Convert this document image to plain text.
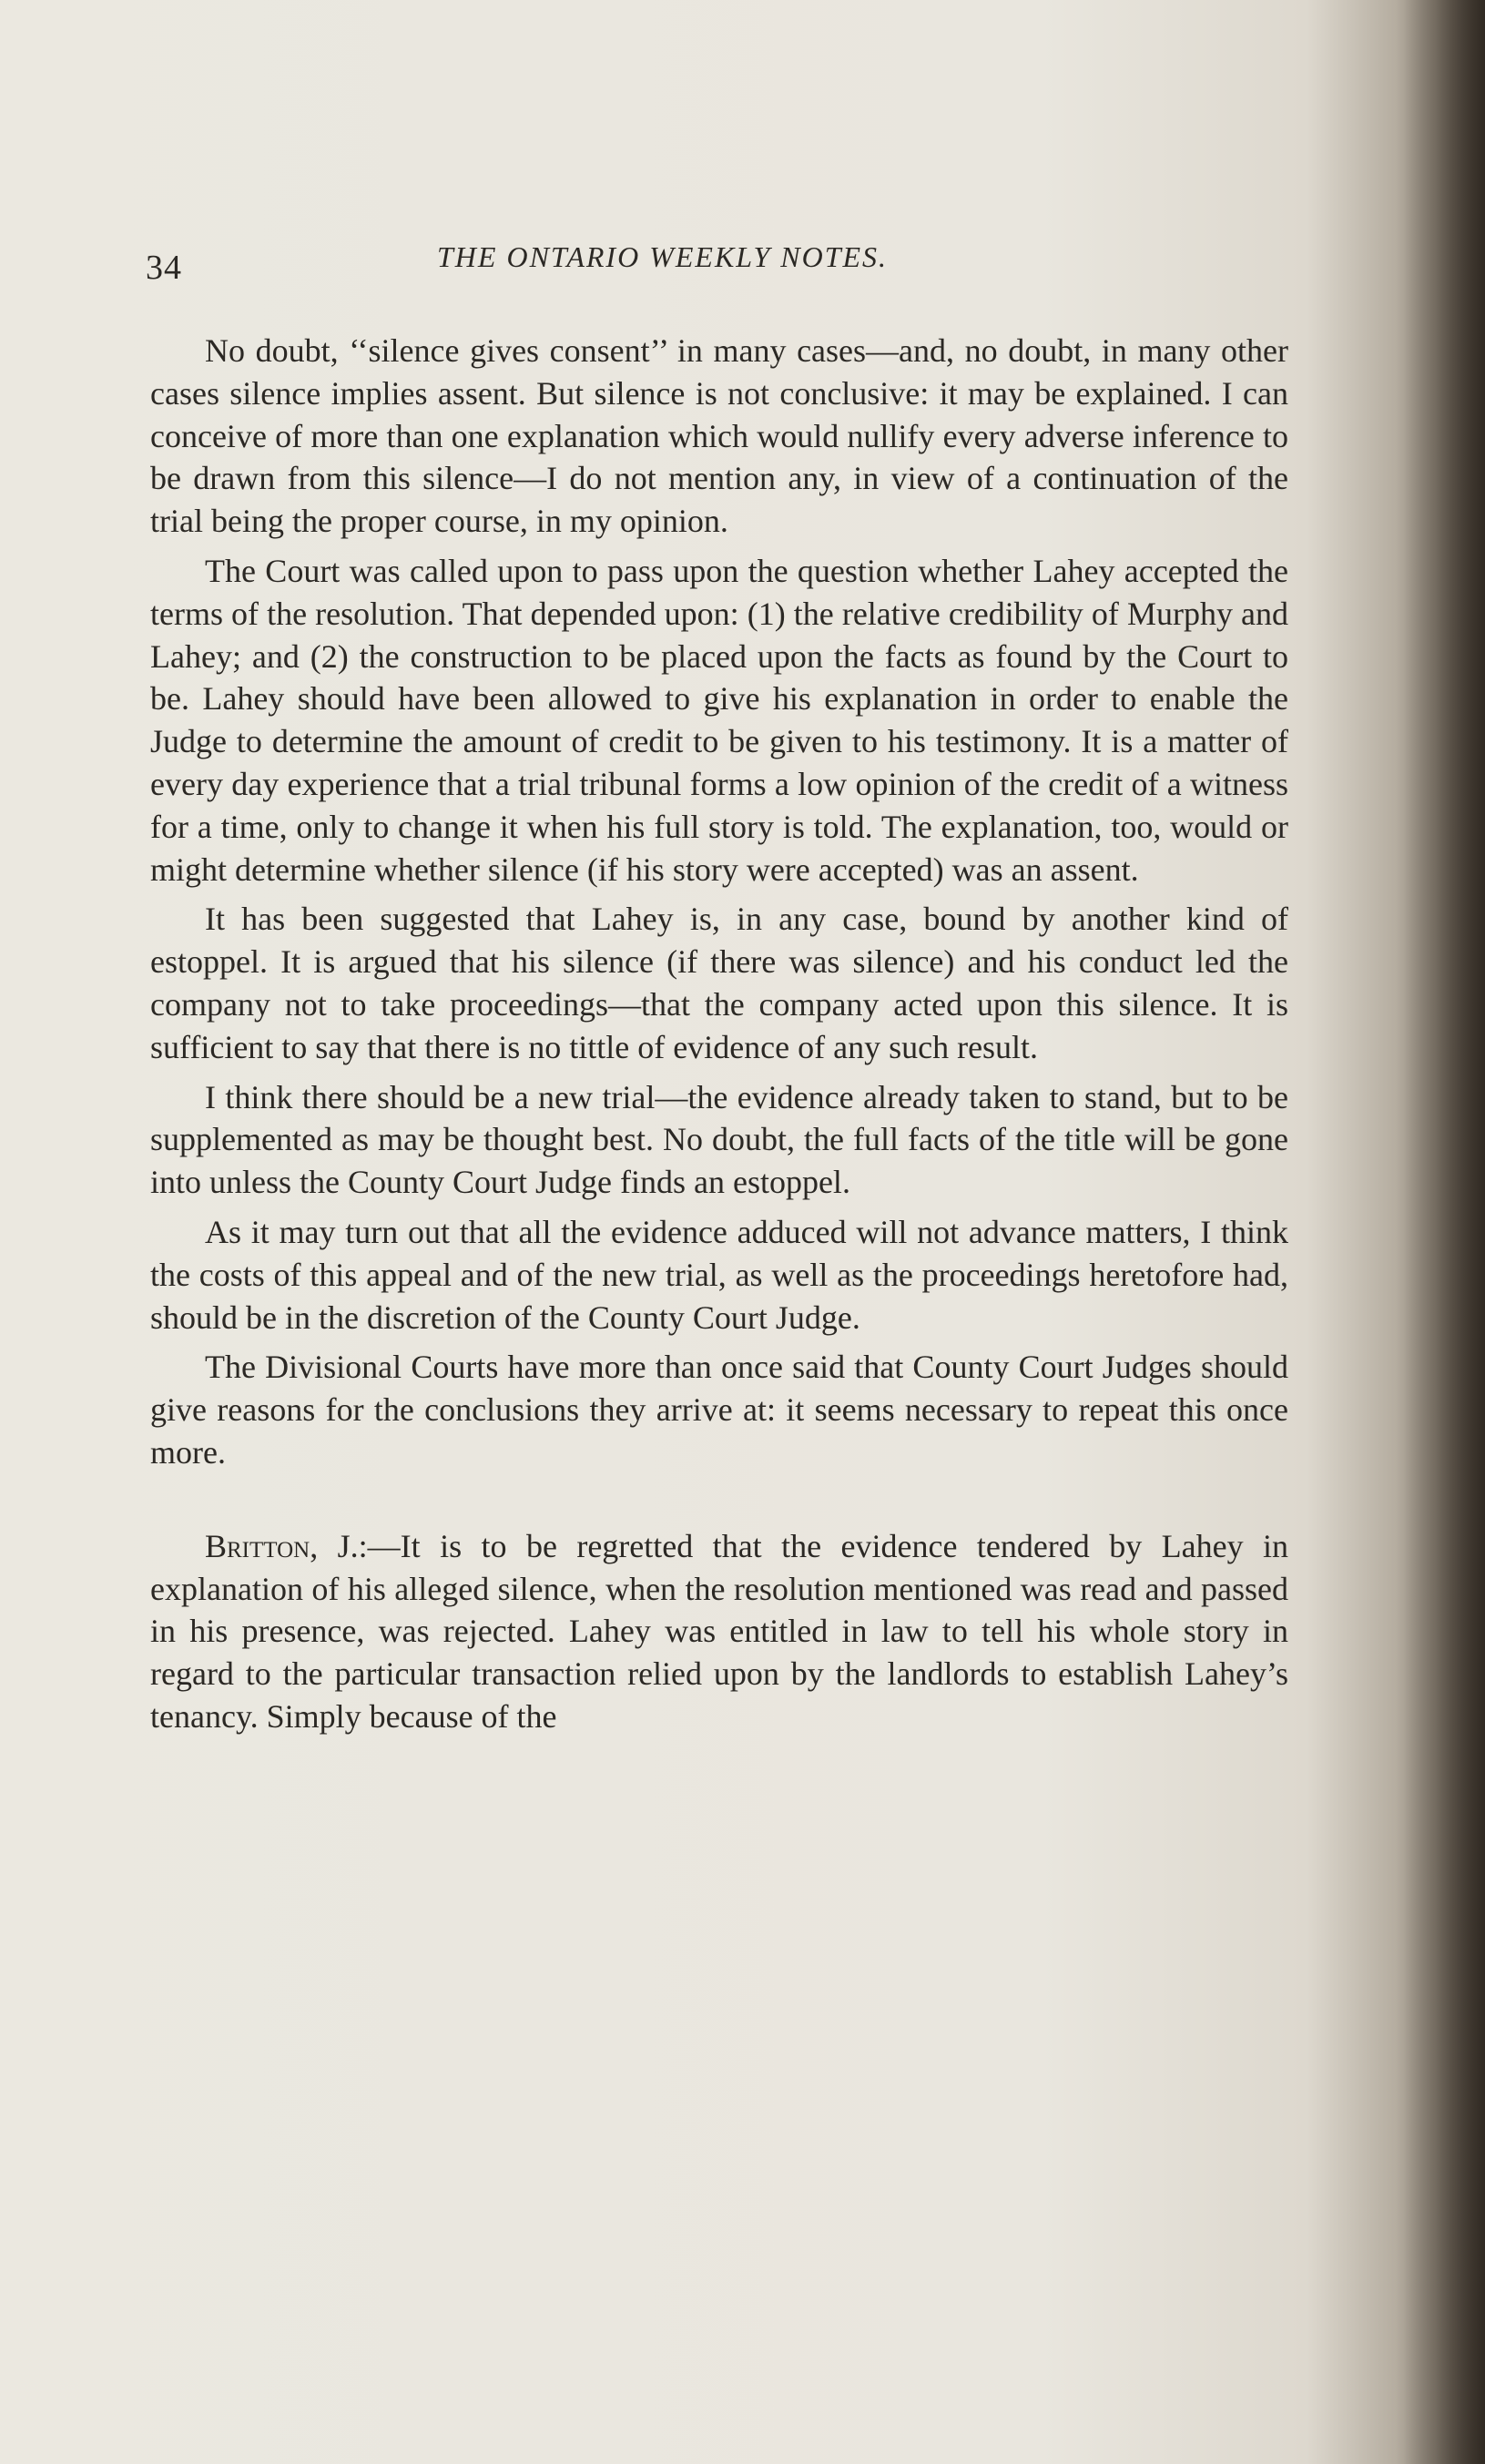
34	THE ONTARIO WEEKLY NOTES.

No doubt, ‘‘silence gives consent’’ in many cases—and, no doubt, in many other cases silence implies assent. But silence is not conclusive: it may be explained. I can conceive of more than one explanation which would nullify every adverse inference to be drawn from this silence—I do not mention any, in view of a continuation of the trial being the proper course, in my opinion.

The Court was called upon to pass upon the question whether Lahey accepted the terms of the resolution. That depended upon: (1) the relative credibility of Murphy and Lahey; and (2) the construction to be placed upon the facts as found by the Court to be. Lahey should have been allowed to give his explanation in order to enable the Judge to determine the amount of credit to be given to his testimony. It is a matter of every day experience that a trial tribunal forms a low opinion of the credit of a witness for a time, only to change it when his full story is told. The explanation, too, would or might determine whether silence (if his story were accepted) was an assent.

It has been suggested that Lahey is, in any case, bound by another kind of estoppel. It is argued that his silence (if there was silence) and his conduct led the company not to take proceedings—that the company acted upon this silence. It is sufficient to say that there is no tittle of evidence of any such result.

I think there should be a new trial—the evidence already taken to stand, but to be supplemented as may be thought best. No doubt, the full facts of the title will be gone into unless the County Court Judge finds an estoppel.

As it may turn out that all the evidence adduced will not advance matters, I think the costs of this appeal and of the new trial, as well as the proceedings heretofore had, should be in the discretion of the County Court Judge.

The Divisional Courts have more than once said that County Court Judges should give reasons for the conclusions they arrive at: it seems necessary to repeat this once more.

Britton, J.:—It is to be regretted that the evidence tendered by Lahey in explanation of his alleged silence, when the resolution mentioned was read and passed in his presence, was rejected. Lahey was entitled in law to tell his whole story in regard to the particular transaction relied upon by the landlords to establish Lahey’s tenancy. Simply because of the
